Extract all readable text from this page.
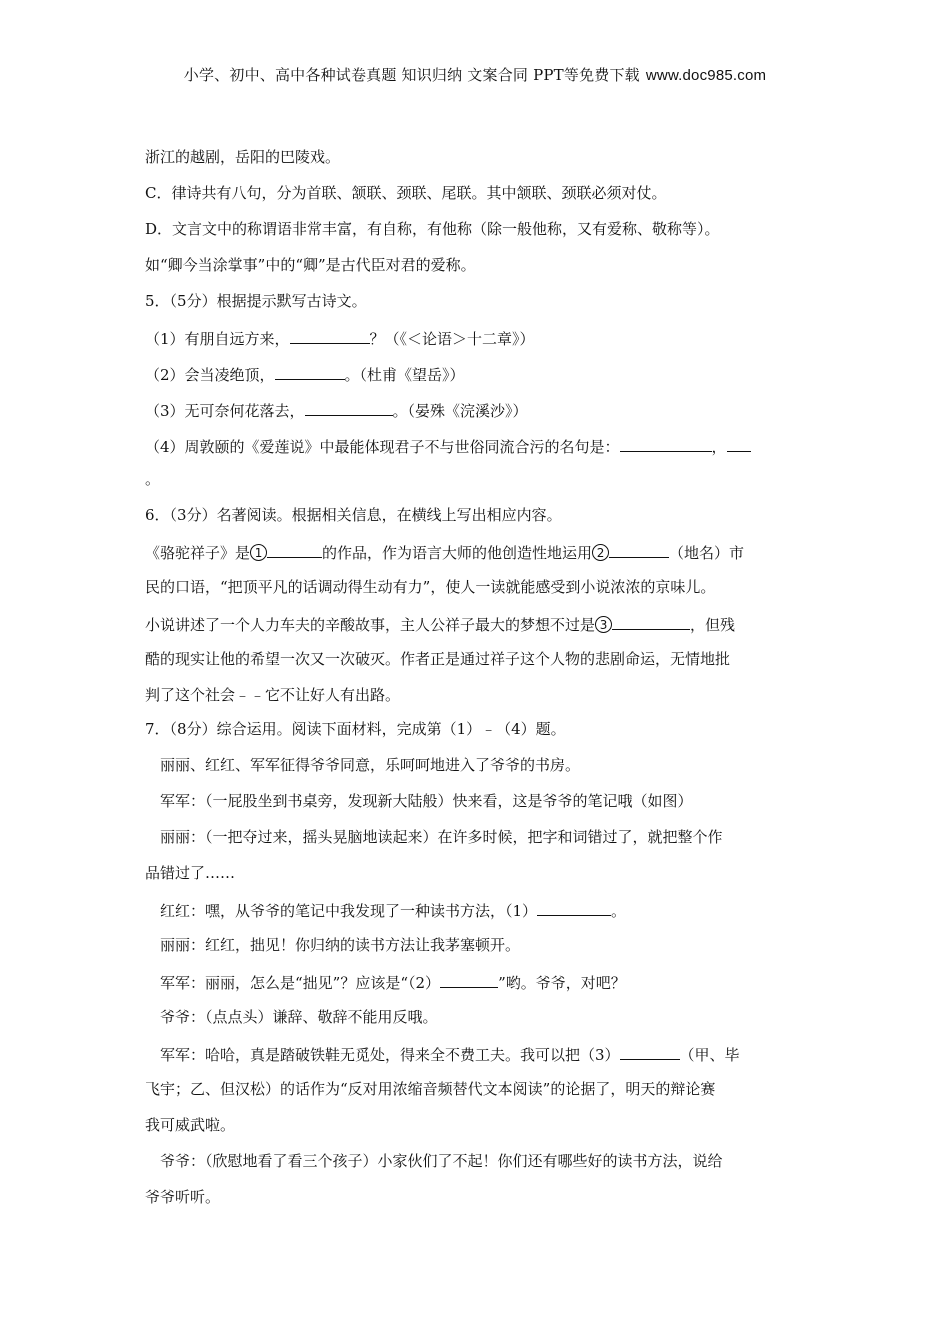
小学、初中、高中各种试卷真题 知识归纳 文案合同 PPT等免费下载 www.doc985.com
浙江的越剧，岳阳的巴陵戏。
C．律诗共有八句，分为首联、颔联、颈联、尾联。其中颔联、颈联必须对仗。
D．文言文中的称谓语非常丰富，有自称，有他称（除一般他称，又有爱称、敬称等）。
如“卿今当涂掌事”中的“卿”是古代臣对君的爱称。
5．（5分）根据提示默写古诗文。
（1）有朋自远方来，	？（《＜论语＞十二章》）
（2）会当凌绝顶，	。（杜甫《望岳》）
（3）无可奈何花落去，	。（晏殊《浣溪沙》）
（4）周敦颐的《爱莲说》中最能体现君子不与世俗同流合污的名句是：	，
。
6．（3分）名著阅读。根据相关信息，在横线上写出相应内容。
《骆驼祥子》是 1	的作品，作为语言大师的他创造性地运用 2	（地名）市
民的口语，“把顶平凡的话调动得生动有力”，使人一读就能感受到小说浓浓的京味儿。
小说讲述了一个人力车夫的辛酸故事，主人公祥子最大的梦想不过是 3	，但残
酷的现实让他的希望一次又一次破灭。作者正是通过祥子这个人物的悲剧命运，无情地批
判了这个社会﹣﹣它不让好人有出路。
7．（8分）综合运用。阅读下面材料，完成第（1）﹣（4）题。
丽丽、红红、军军征得爷爷同意，乐呵呵地进入了爷爷的书房。
军军：（一屁股坐到书桌旁，发现新大陆般）快来看，这是爷爷的笔记哦（如图）
丽丽：（一把夺过来，摇头晃脑地读起来）在许多时候，把字和词错过了，就把整个作
品错过了……
红红：嘿，从爷爷的笔记中我发现了一种读书方法，（1）	。
丽丽：红红，拙见！你归纳的读书方法让我茅塞顿开。
军军：丽丽，怎么是“拙见”？应该是“（2）	”哟。爷爷，对吧？
爷爷：（点点头）谦辞、敬辞不能用反哦。
军军：哈哈，真是踏破铁鞋无觅处，得来全不费工夫。我可以把（3）	（甲、毕
飞宇；乙、但汉松）的话作为“反对用浓缩音频替代文本阅读”的论据了，明天的辩论赛
我可威武啦。
爷爷：（欣慰地看了看三个孩子）小家伙们了不起！你们还有哪些好的读书方法，说给
爷爷听听。
